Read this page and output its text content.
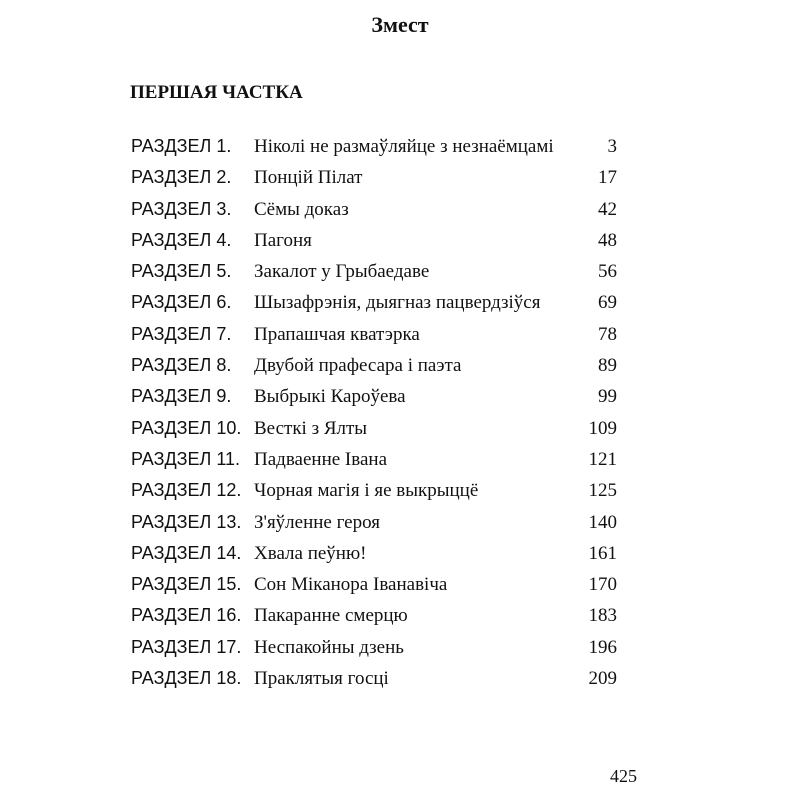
Змест
ПЕРШАЯ ЧАСТКА
РАЗДЗЕЛ 1. Ніколі не размаўляйце з незнаёмцамі	3
РАЗДЗЕЛ 2. Понцій Пілат	17
РАЗДЗЕЛ 3. Сёмы доказ	42
РАЗДЗЕЛ 4. Пагоня	48
РАЗДЗЕЛ 5. Закалот у Грыбаедаве	56
РАЗДЗЕЛ 6. Шызафрэнія, дыягназ пацвердзіўся	69
РАЗДЗЕЛ 7. Прапашчая кватэрка	78
РАЗДЗЕЛ 8. Двубой прафесара і паэта	89
РАЗДЗЕЛ 9. Выбрыкі Кароўева	99
РАЗДЗЕЛ 10. Весткі з Ялты	109
РАЗДЗЕЛ 11. Падваенне Івана	121
РАЗДЗЕЛ 12. Чорная магія і яе выкрыццё	125
РАЗДЗЕЛ 13. З'яўленне героя	140
РАЗДЗЕЛ 14. Хвала пеўню!	161
РАЗДЗЕЛ 15. Сон Міканора Іванавіча	170
РАЗДЗЕЛ 16. Пакаранне смерцю	183
РАЗДЗЕЛ 17. Неспакойны дзень	196
РАЗДЗЕЛ 18. Праклятыя госці	209
425
